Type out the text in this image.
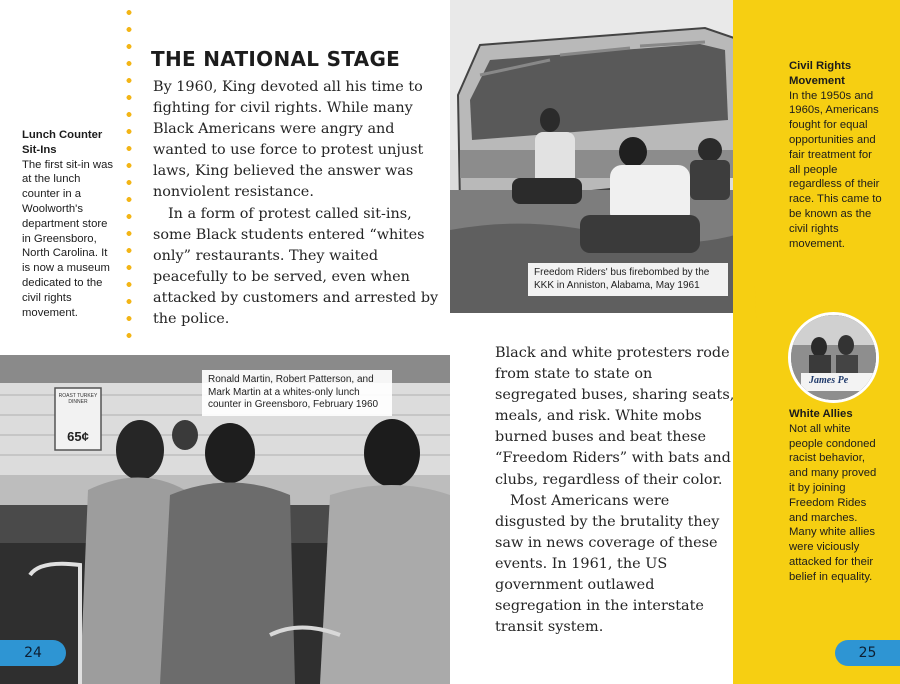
Freedom Riders' bus firebombed by the KKK in Anniston, Alabama, May 1961
ROAST TURKEY DINNER
65¢
Ronald Martin, Robert Patterson, and Mark Martin at a whites-only lunch counter in Greensboro, February 1960
Civil Rights Movement
In the 1950s and 1960s, Americans fought for equal opportunities and fair treatment for all people regardless of their race. This came to be known as the civil rights movement.
James Pe
White Allies
Not all white people condoned racist behavior, and many proved it by joining Freedom Rides and marches. Many white allies were viciously attacked for their belief in equality.
Lunch Counter Sit-Ins
The first sit-in was at the lunch counter in a Woolworth's department store in Greensboro, North Carolina. It is now a museum dedicated to the civil rights movement.
THE NATIONAL STAGE

By 1960, King devoted all his time to fighting for civil rights. While many Black Americans were angry and wanted to use force to protest unjust laws, King believed the answer was nonviolent resistance.

In a form of protest called sit-ins, some Black students entered “whites only” restaurants. They waited peacefully to be served, even when attacked by customers and arrested by the police.

Black and white protesters rode from state to state on segregated buses, sharing seats, meals, and risk. White mobs burned buses and beat these “Freedom Riders” with bats and clubs, regardless of their color.

Most Americans were disgusted by the brutality they saw in news coverage of these events. In 1961, the US government outlawed segregation in the interstate transit system.

24	25
